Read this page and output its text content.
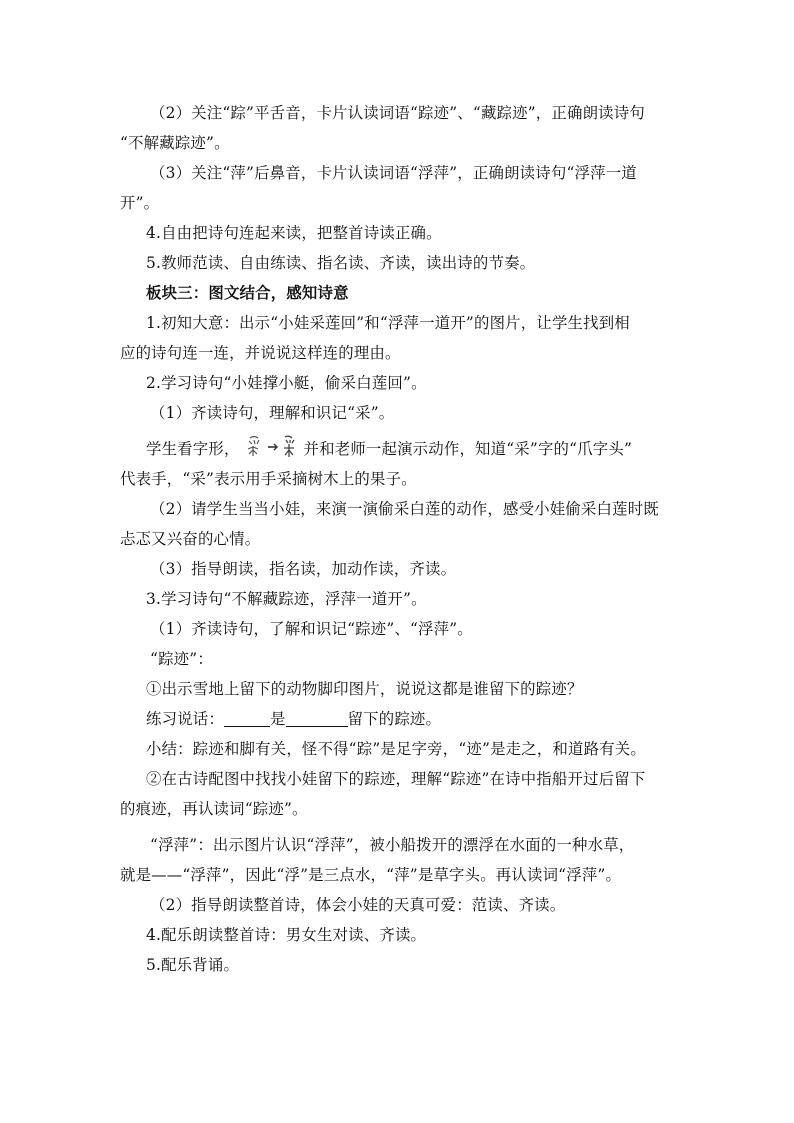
（2）关注“踪”平舌音，卡片认读词语“踪迹”、“藏踪迹”，正确朗读诗句

“不解藏踪迹”。

（3）关注“萍”后鼻音，卡片认读词语“浮萍”，正确朗读诗句“浮萍一道

开”。

4.自由把诗句连起来读，把整首诗读正确。

5.教师范读、自由练读、指名读、齐读，读出诗的节奏。

板块三：图文结合，感知诗意

1.初知大意：出示“小娃采莲回”和“浮萍一道开”的图片，让学生找到相

应的诗句连一连，并说说这样连的理由。

2.学习诗句“小娃撑小艇，偷采白莲回”。

（1）齐读诗句，理解和识记“采”。

学生看字形，	并和老师一起演示动作，知道“采”字的“爪字头”

代表手，“采”表示用手采摘树木上的果子。

（2）请学生当当小娃，来演一演偷采白莲的动作，感受小娃偷采白莲时既

忐忑又兴奋的心情。

（3）指导朗读，指名读，加动作读，齐读。

3.学习诗句“不解藏踪迹，浮萍一道开”。

（1）齐读诗句，了解和识记“踪迹”、“浮萍”。

“踪迹”：

①出示雪地上留下的动物脚印图片，说说这都是谁留下的踪迹？

练习说话：	是	留下的踪迹。

小结：踪迹和脚有关，怪不得“踪”是足字旁，“迹”是走之，和道路有关。

②在古诗配图中找找小娃留下的踪迹，理解“踪迹”在诗中指船开过后留下

的痕迹，再认读词“踪迹”。

“浮萍”：出示图片认识“浮萍”，被小船拨开的漂浮在水面的一种水草，

就是——“浮萍”，因此“浮”是三点水，“萍”是草字头。再认读词“浮萍”。

（2）指导朗读整首诗，体会小娃的天真可爱：范读、齐读。

4.配乐朗读整首诗：男女生对读、齐读。

5.配乐背诵。
